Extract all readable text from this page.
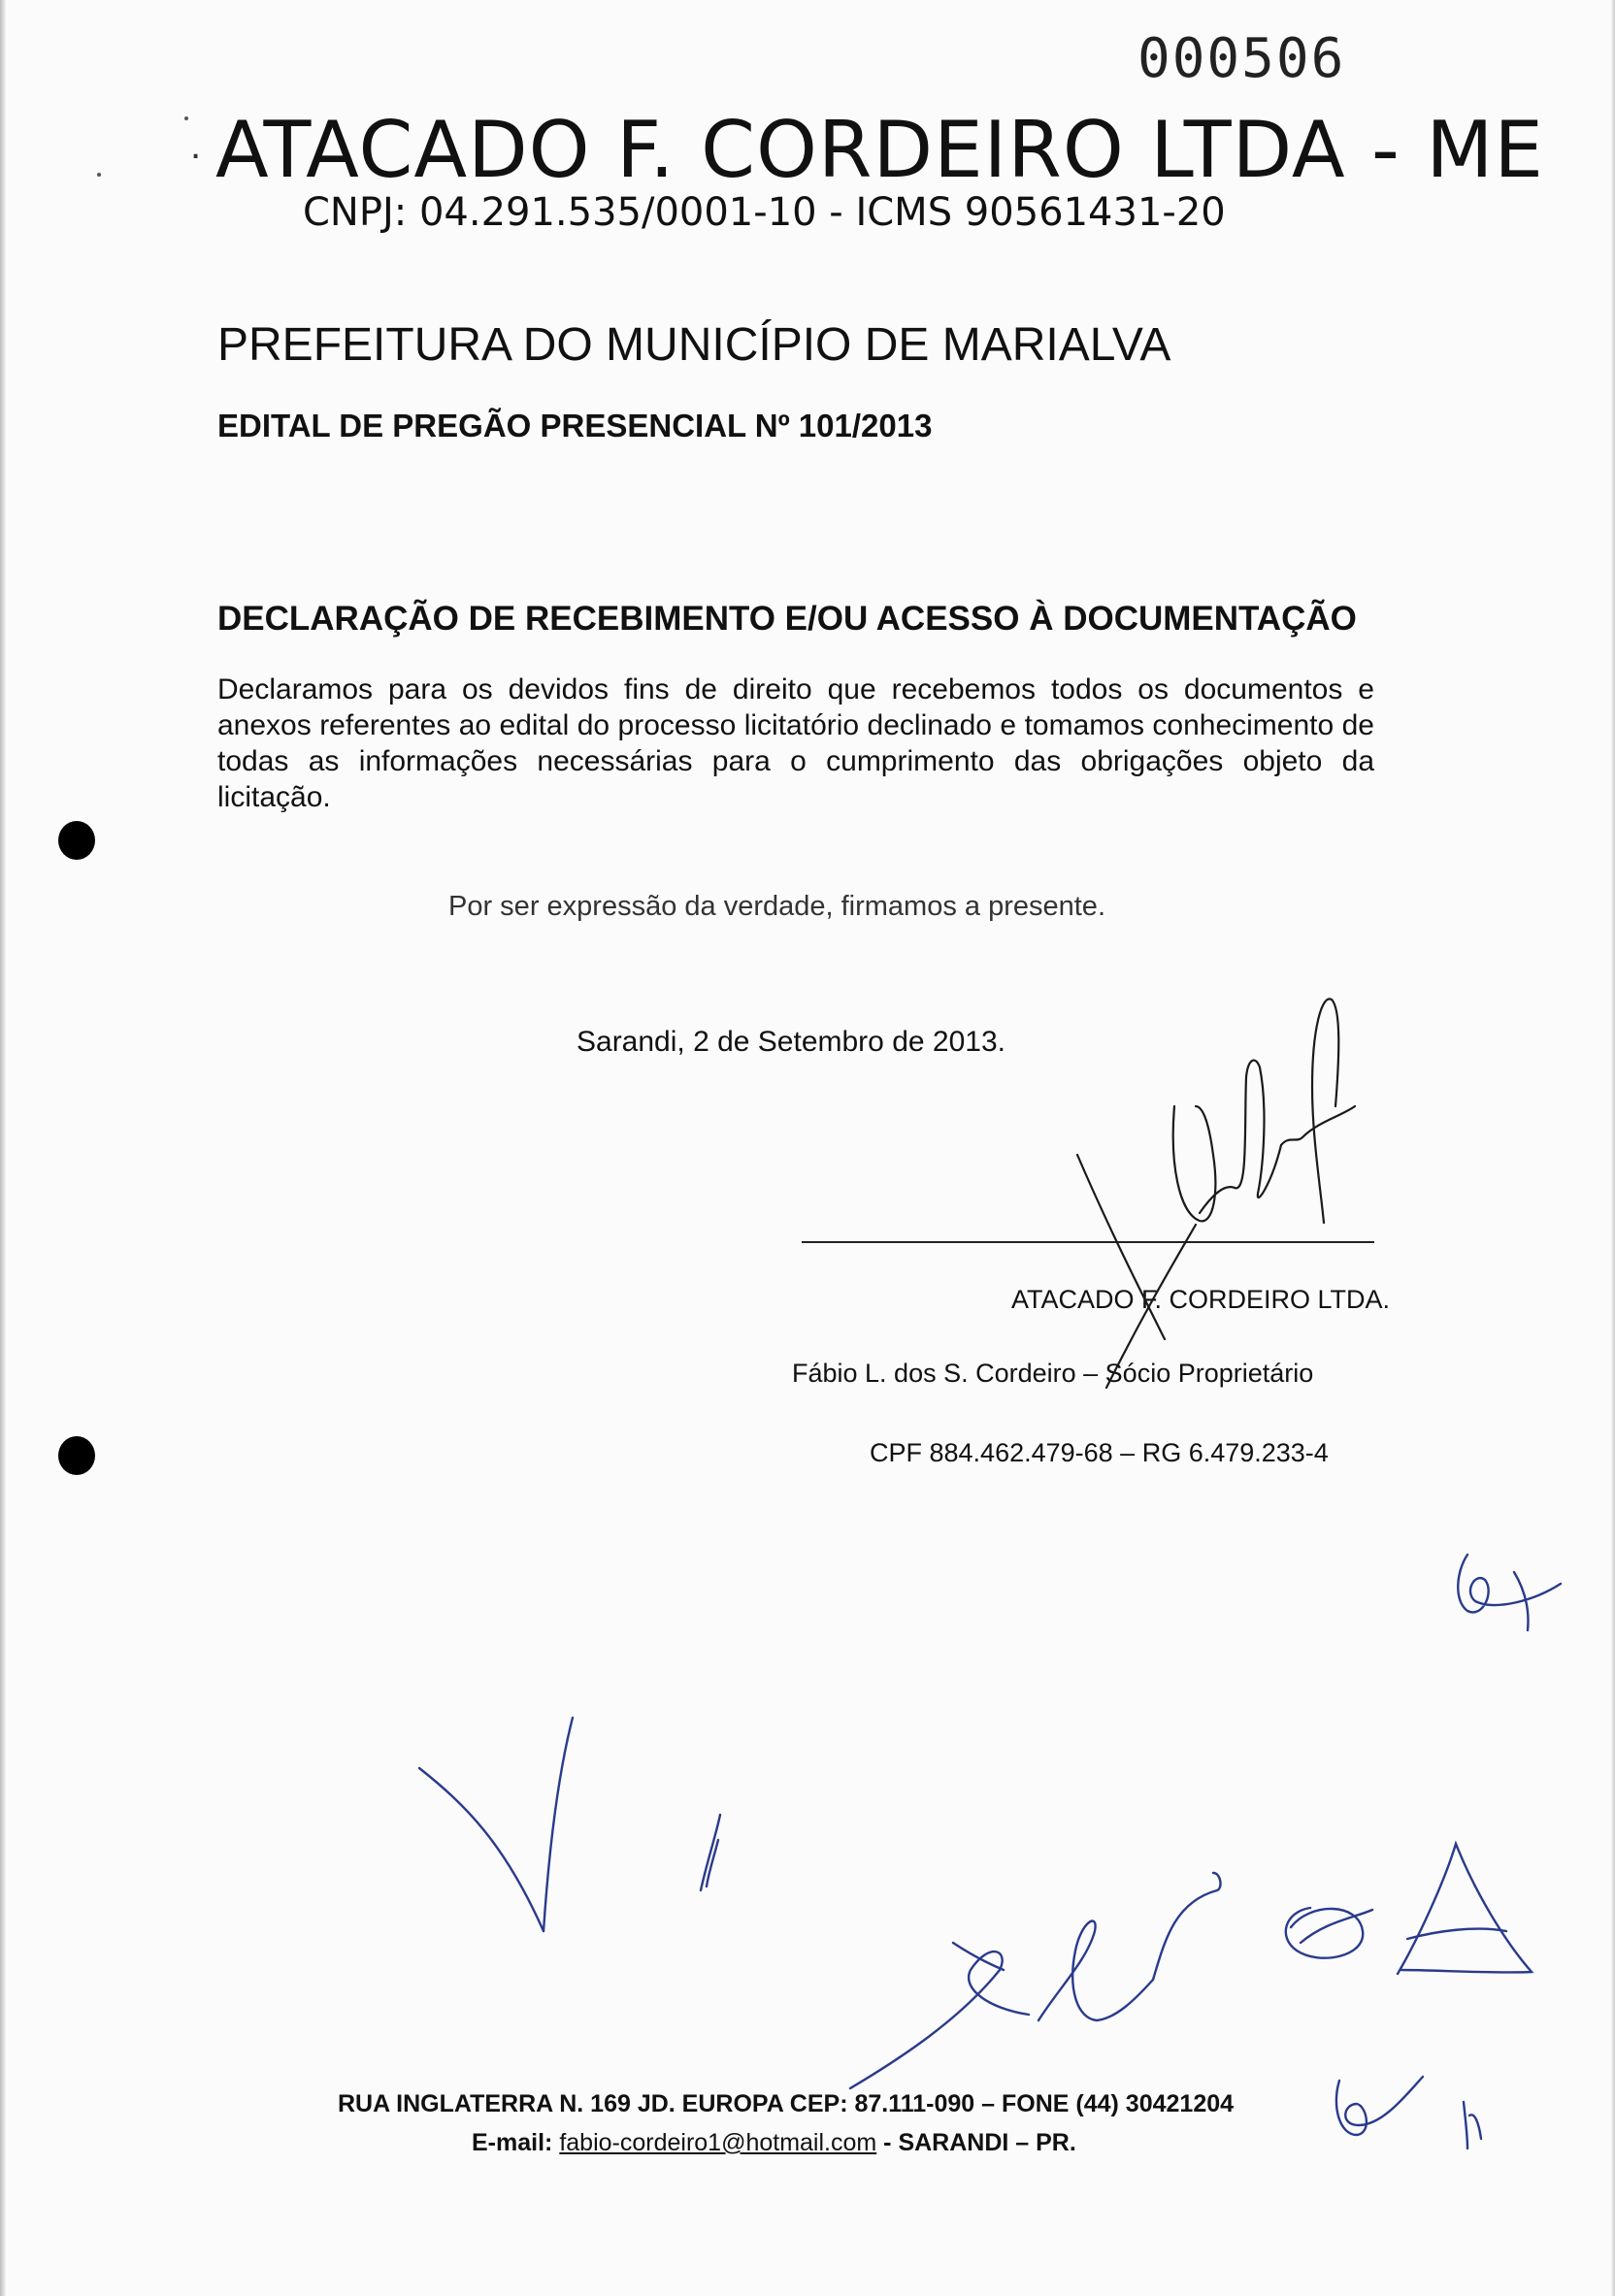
000506
. ATACADO F. CORDEIRO LTDA - ME
CNPJ: 04.291.535/0001-10 - ICMS 90561431-20
PREFEITURA DO MUNICÍPIO DE MARIALVA
EDITAL DE PREGÃO PRESENCIAL Nº 101/2013
DECLARAÇÃO DE RECEBIMENTO E/OU ACESSO À DOCUMENTAÇÃO
Declaramos para os devidos fins de direito que recebemos todos os documentos e anexos referentes ao edital do processo licitatório declinado e tomamos conhecimento de todas as informações necessárias para o cumprimento das obrigações objeto da licitação.
Por ser expressão da verdade, firmamos a presente.
Sarandi, 2 de Setembro de 2013.
ATACADO F. CORDEIRO LTDA.
Fábio L. dos S. Cordeiro – Sócio Proprietário
CPF 884.462.479-68 – RG 6.479.233-4
RUA INGLATERRA N. 169 JD. EUROPA CEP: 87.111-090 – FONE (44) 30421204
E-mail: fabio-cordeiro1@hotmail.com - SARANDI – PR.
